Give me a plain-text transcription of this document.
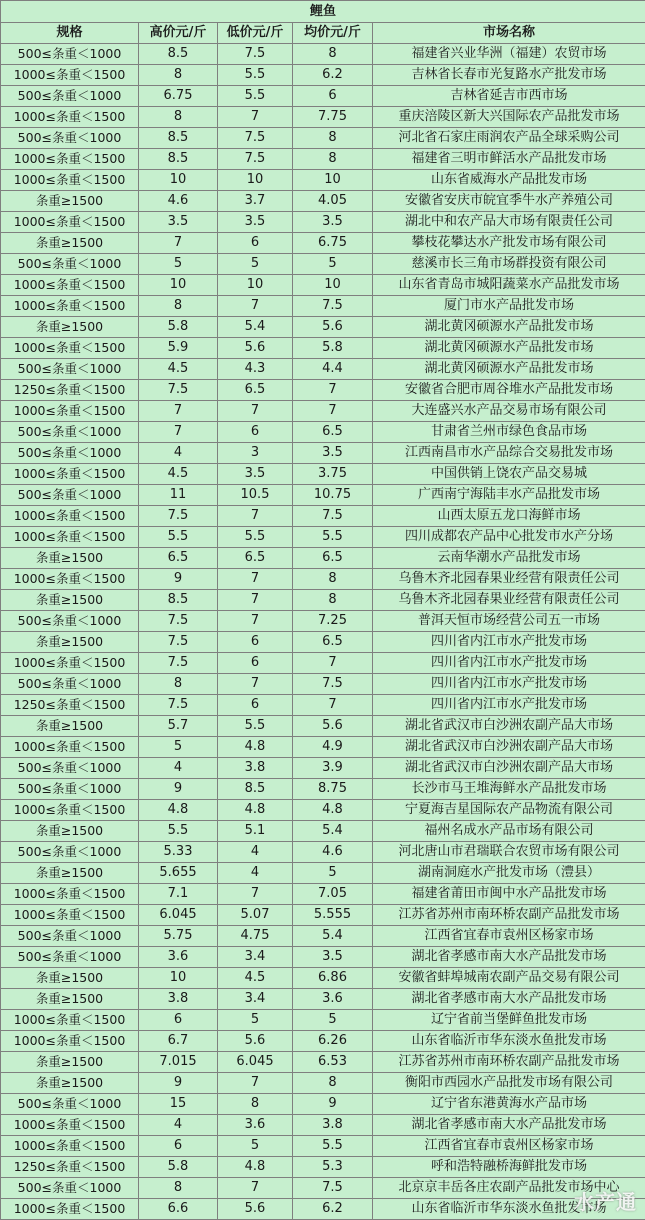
鲤鱼				
规格	高价元/斤	低价元/斤	均价元/斤	市场名称
500≤条重＜1000	8.5	7.5	8	福建省兴业华洲（福建）农贸市场
1000≤条重＜1500	8	5.5	6.2	吉林省长春市光复路水产批发市场
500≤条重＜1000	6.75	5.5	6	吉林省延吉市西市场
1000≤条重＜1500	8	7	7.75	重庆涪陵区新大兴国际农产品批发市场
500≤条重＜1000	8.5	7.5	8	河北省石家庄雨润农产品全球采购公司
1000≤条重＜1500	8.5	7.5	8	福建省三明市鲜活水产品批发市场
1000≤条重＜1500	10	10	10	山东省威海水产品批发市场
条重≥1500	4.6	3.7	4.05	安徽省安庆市皖宜季牛水产养殖公司
1000≤条重＜1500	3.5	3.5	3.5	湖北中和农产品大市场有限责任公司
条重≥1500	7	6	6.75	攀枝花攀达水产批发市场有限公司
500≤条重＜1000	5	5	5	慈溪市长三角市场群投资有限公司
1000≤条重＜1500	10	10	10	山东省青岛市城阳蔬菜水产品批发市场
1000≤条重＜1500	8	7	7.5	厦门市水产品批发市场
条重≥1500	5.8	5.4	5.6	湖北黄冈硕源水产品批发市场
1000≤条重＜1500	5.9	5.6	5.8	湖北黄冈硕源水产品批发市场
500≤条重＜1000	4.5	4.3	4.4	湖北黄冈硕源水产品批发市场
1250≤条重＜1500	7.5	6.5	7	安徽省合肥市周谷堆水产品批发市场
1000≤条重＜1500	7	7	7	大连盛兴水产品交易市场有限公司
500≤条重＜1000	7	6	6.5	甘肃省兰州市绿色食品市场
500≤条重＜1000	4	3	3.5	江西南昌市水产品综合交易批发市场
1000≤条重＜1500	4.5	3.5	3.75	中国供销上饶农产品交易城
500≤条重＜1000	11	10.5	10.75	广西南宁海陆丰水产品批发市场
1000≤条重＜1500	7.5	7	7.5	山西太原五龙口海鲜市场
1000≤条重＜1500	5.5	5.5	5.5	四川成都农产品中心批发市水产分场
条重≥1500	6.5	6.5	6.5	云南华潮水产品批发市场
1000≤条重＜1500	9	7	8	乌鲁木齐北园春果业经营有限责任公司
条重≥1500	8.5	7	8	乌鲁木齐北园春果业经营有限责任公司
500≤条重＜1000	7.5	7	7.25	普洱天恒市场经营公司五一市场
条重≥1500	7.5	6	6.5	四川省内江市水产批发市场
1000≤条重＜1500	7.5	6	7	四川省内江市水产批发市场
500≤条重＜1000	8	7	7.5	四川省内江市水产批发市场
1250≤条重＜1500	7.5	6	7	四川省内江市水产批发市场
条重≥1500	5.7	5.5	5.6	湖北省武汉市白沙洲农副产品大市场
1000≤条重＜1500	5	4.8	4.9	湖北省武汉市白沙洲农副产品大市场
500≤条重＜1000	4	3.8	3.9	湖北省武汉市白沙洲农副产品大市场
500≤条重＜1000	9	8.5	8.75	长沙市马王堆海鲜水产品批发市场
1000≤条重＜1500	4.8	4.8	4.8	宁夏海吉星国际农产品物流有限公司
条重≥1500	5.5	5.1	5.4	福州名成水产品市场有限公司
500≤条重＜1000	5.33	4	4.6	河北唐山市君瑞联合农贸市场有限公司
条重≥1500	5.655	4	5	湖南洞庭水产批发市场（澧县）
1000≤条重＜1500	7.1	7	7.05	福建省莆田市闽中水产品批发市场
1000≤条重＜1500	6.045	5.07	5.555	江苏省苏州市南环桥农副产品批发市场
500≤条重＜1000	5.75	4.75	5.4	江西省宜春市袁州区杨家市场
500≤条重＜1000	3.6	3.4	3.5	湖北省孝感市南大水产品批发市场
条重≥1500	10	4.5	6.86	安徽省蚌埠城南农副产品交易有限公司
条重≥1500	3.8	3.4	3.6	湖北省孝感市南大水产品批发市场
1000≤条重＜1500	6	5	5	辽宁省前当堡鲜鱼批发市场
1000≤条重＜1500	6.7	5.6	6.26	山东省临沂市华东淡水鱼批发市场
条重≥1500	7.015	6.045	6.53	江苏省苏州市南环桥农副产品批发市场
条重≥1500	9	7	8	衡阳市西园水产品批发市场有限公司
500≤条重＜1000	15	8	9	辽宁省东港黄海水产品市场
1000≤条重＜1500	4	3.6	3.8	湖北省孝感市南大水产品批发市场
1000≤条重＜1500	6	5	5.5	江西省宜春市袁州区杨家市场
1250≤条重＜1500	5.8	4.8	5.3	呼和浩特融桥海鲜批发市场
500≤条重＜1000	8	7	7.5	北京京丰岳各庄农副产品批发市场中心
1000≤条重＜1500	6.6	5.6	6.2	山东省临沂市华东淡水鱼批发市场
水产通
